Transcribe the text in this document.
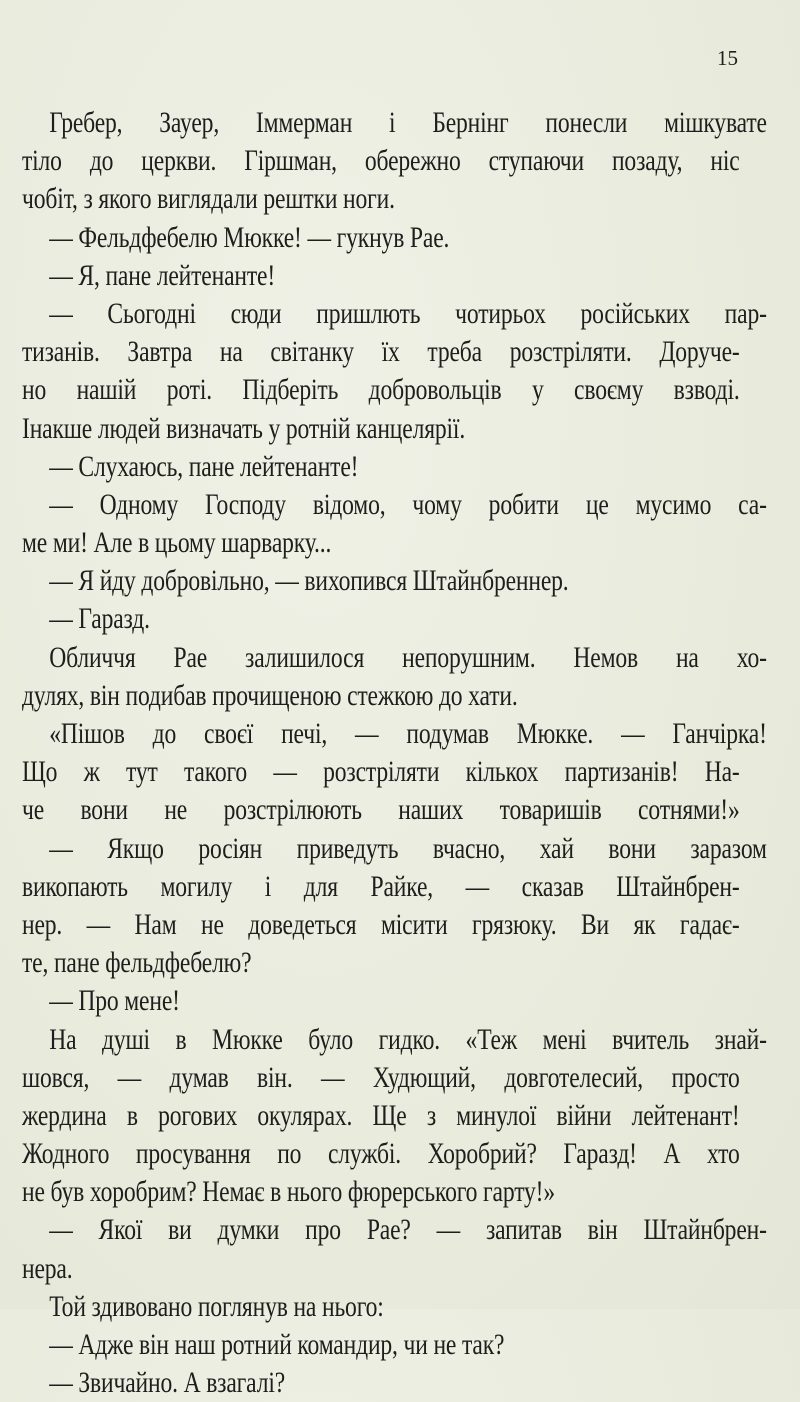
15
Гребер, Зауер, Іммерман і Бернінг понесли мішкувате
тіло до церкви. Гіршман, обережно ступаючи позаду, ніс
чобіт, з якого виглядали рештки ноги.
— Фельдфебелю Мюкке! — гукнув Рае.
— Я, пане лейтенанте!
— Сьогодні сюди пришлють чотирьох російських пар-
тизанів. Завтра на світанку їх треба розстріляти. Доруче-
но нашій роті. Підберіть добровольців у своєму взводі.
Інакше людей визначать у ротній канцелярії.
— Слухаюсь, пане лейтенанте!
— Одному Господу відомо, чому робити це мусимо са-
ме ми! Але в цьому шарварку...
— Я йду добровільно, — вихопився Штайнбреннер.
— Гаразд.
Обличчя Рае залишилося непорушним. Немов на хо-
дулях, він подибав прочищеною стежкою до хати.
«Пішов до своєї печі, — подумав Мюкке. — Ганчірка!
Що ж тут такого — розстріляти кількох партизанів! На-
че вони не розстрілюють наших товаришів сотнями!»
— Якщо росіян приведуть вчасно, хай вони заразом
викопають могилу і для Райке, — сказав Штайнбрен-
нер. — Нам не доведеться місити грязюку. Ви як гадає-
те, пане фельдфебелю?
— Про мене!
На душі в Мюкке було гидко. «Теж мені вчитель знай-
шовся, — думав він. — Худющий, довготелесий, просто
жердина в рогових окулярах. Ще з минулої війни лейтенант!
Жодного просування по службі. Хоробрий? Гаразд! А хто
не був хоробрим? Немає в нього фюрерського гарту!»
— Якої ви думки про Рае? — запитав він Штайнбрен-
нера.
Той здивовано поглянув на нього:
— Адже він наш ротний командир, чи не так?
— Звичайно. А взагалі?
